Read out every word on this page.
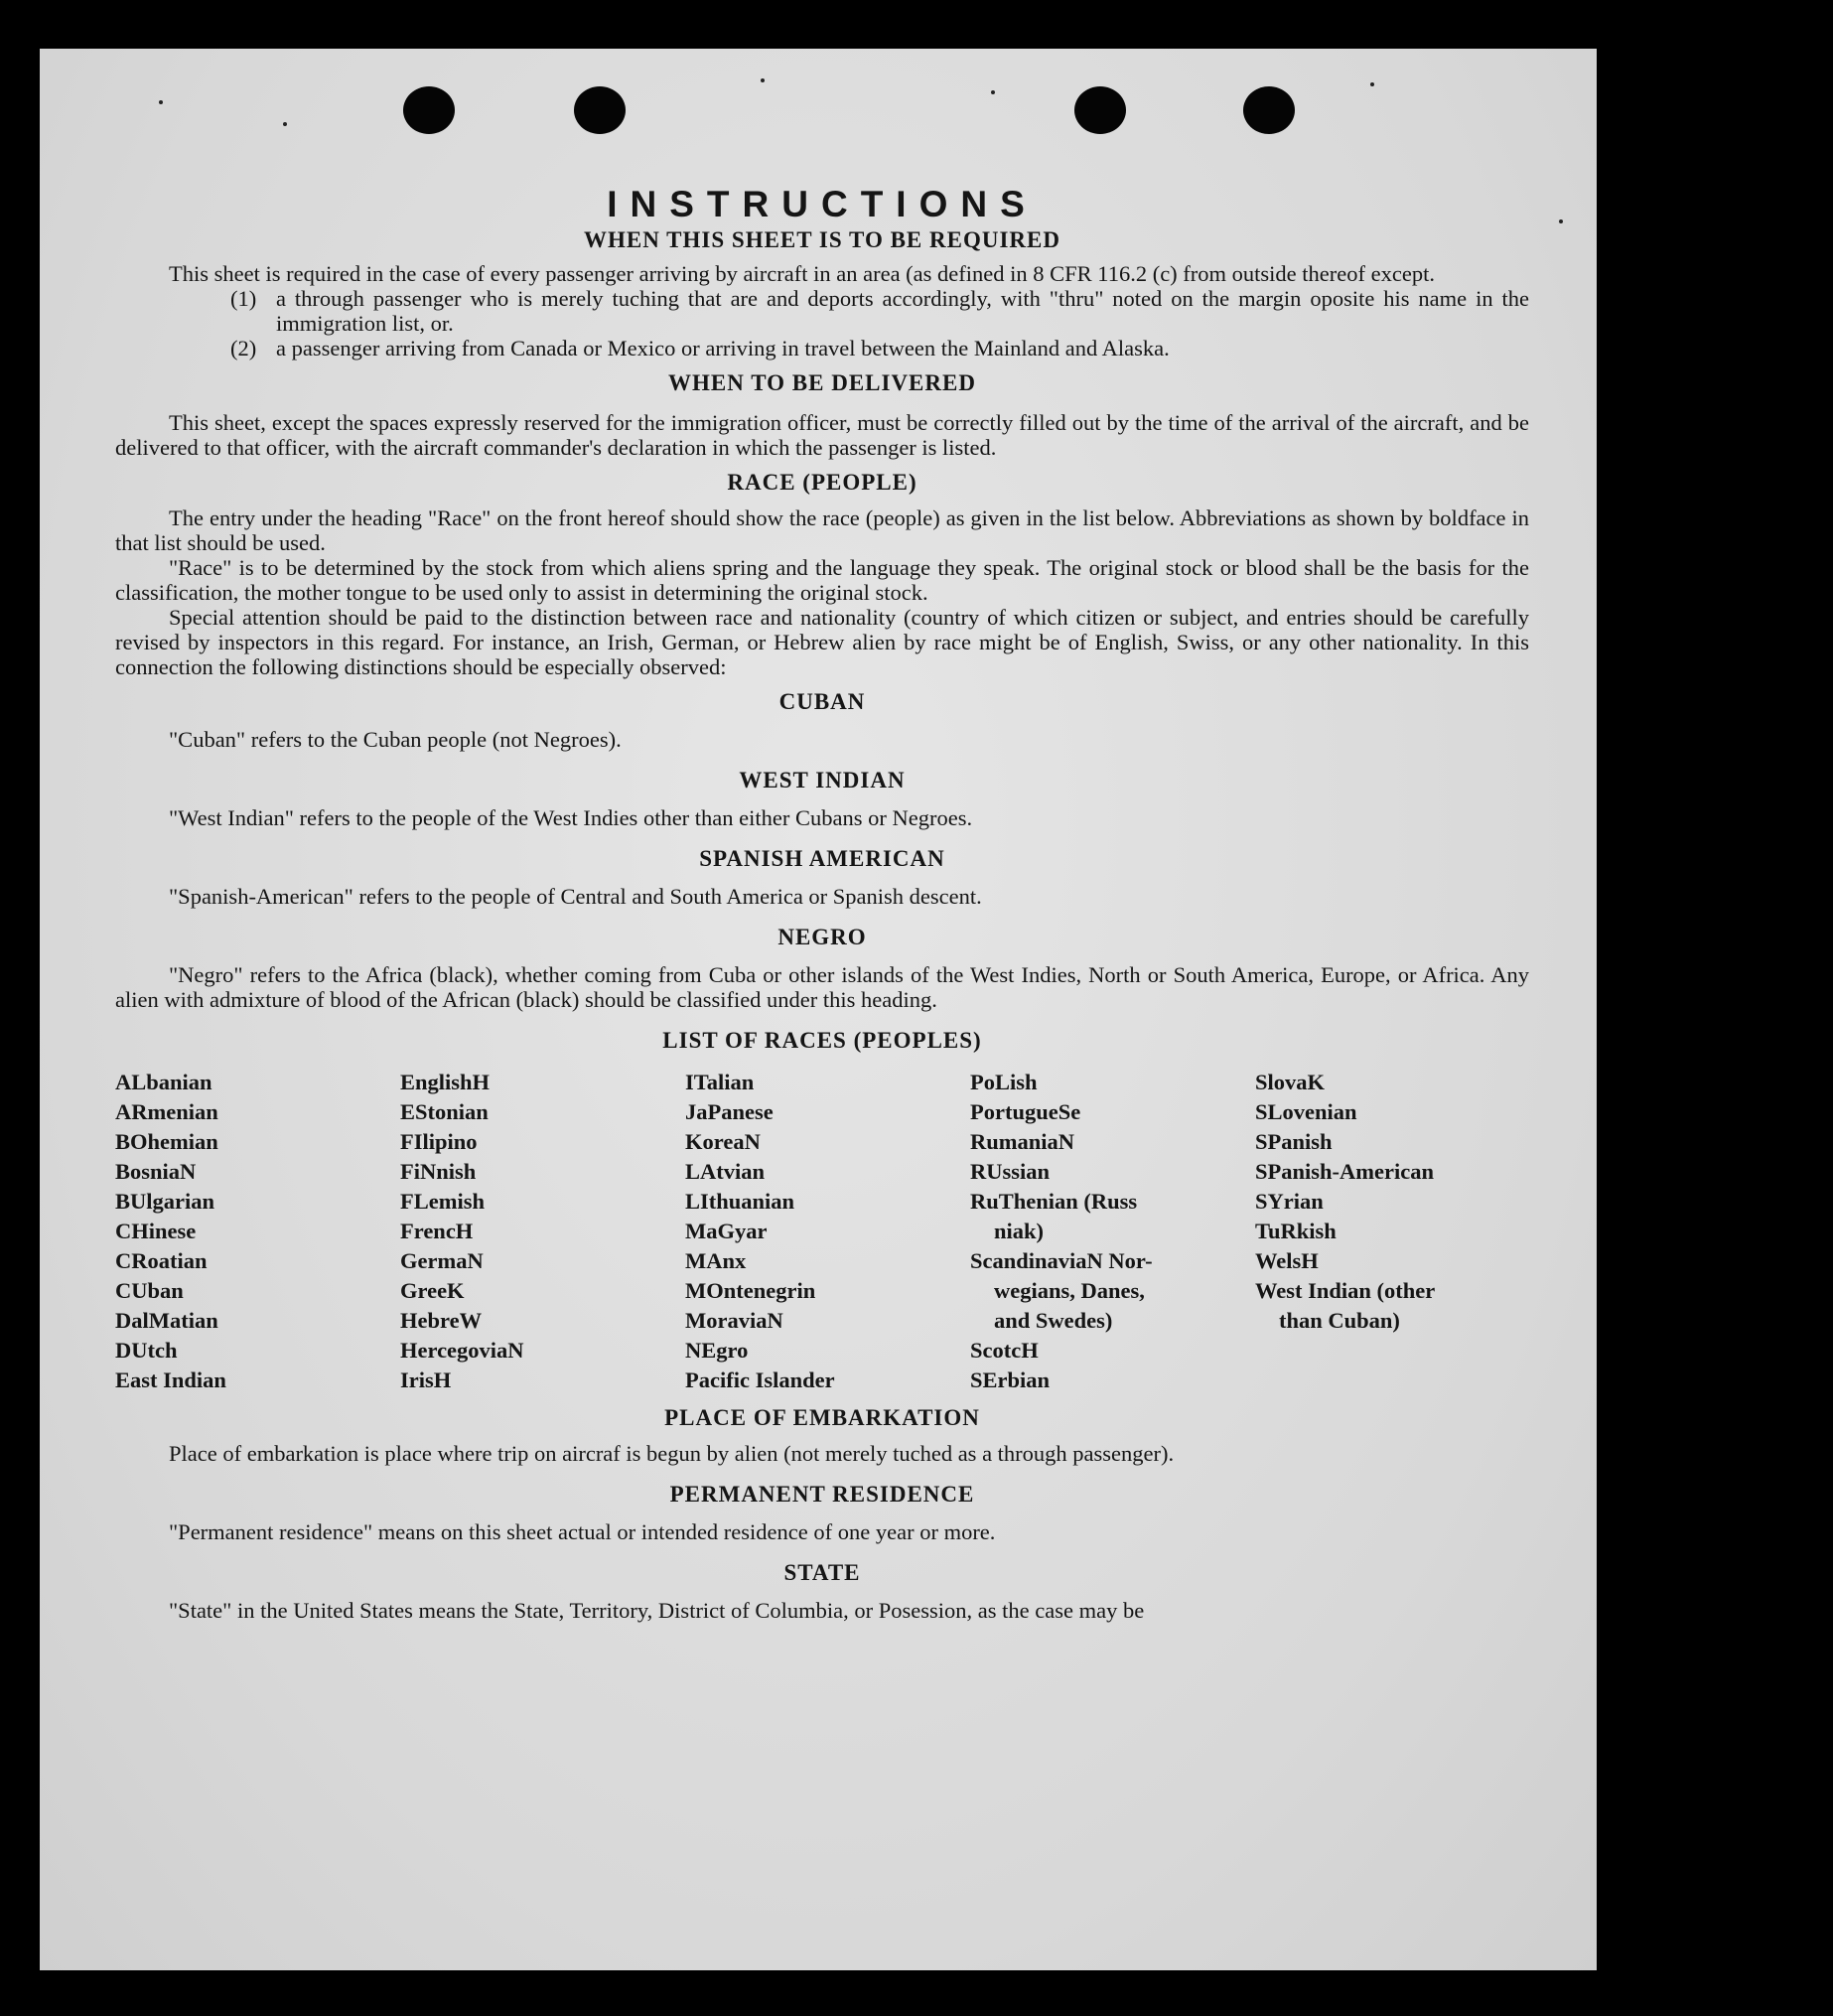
INSTRUCTIONS
WHEN THIS SHEET IS TO BE REQUIRED

This sheet is required in the case of every passenger arriving by aircraft in an area (as defined in 8 CFR 116.2 (c) from outside thereof except.

(1) a through passenger who is merely tuching that are and deports accordingly, with "thru" noted on the margin oposite his name in the immigration list, or.
(2) a passenger arriving from Canada or Mexico or arriving in travel between the Mainland and Alaska.
WHEN TO BE DELIVERED

This sheet, except the spaces expressly reserved for the immigration officer, must be correctly filled out by the time of the arrival of the aircraft, and be delivered to that officer, with the aircraft commander's declaration in which the passenger is listed.

RACE (PEOPLE)

The entry under the heading "Race" on the front hereof should show the race (people) as given in the list below. Abbreviations as shown by boldface in that list should be used.

"Race" is to be determined by the stock from which aliens spring and the language they speak. The original stock or blood shall be the basis for the classification, the mother tongue to be used only to assist in determining the original stock.

Special attention should be paid to the distinction between race and nationality (country of which citizen or subject, and entries should be carefully revised by inspectors in this regard. For instance, an Irish, German, or Hebrew alien by race might be of English, Swiss, or any other nationality. In this connection the following distinctions should be especially observed:

CUBAN

"Cuban" refers to the Cuban people (not Negroes).

WEST INDIAN

"West Indian" refers to the people of the West Indies other than either Cubans or Negroes.

SPANISH AMERICAN

"Spanish-American" refers to the people of Central and South America or Spanish descent.

NEGRO

"Negro" refers to the Africa (black), whether coming from Cuba or other islands of the West Indies, North or South America, Europe, or Africa. Any alien with admixture of blood of the African (black) should be classified under this heading.

LIST OF RACES (PEOPLES)
ALbanian
ARmenian
BOhemian
BosniaN
BUlgarian
CHinese
CRoatian
CUban
DalMatian
DUtch
East Indian
EnglishH
EStonian
FIlipino
FiNnish
FLemish
FrencH
GermaN
GreeK
HebreW
HercegoviaN
IrisH
ITalian
JaPanese
KoreaN
LAtvian
LIthuanian
MaGyar
MAnx
MOntenegrin
MoraviaN
NEgro
Pacific Islander
PoLish
PortugueSe
RumaniaN
RUssian
RuThenian (Russ
niak)
ScandinaviaN Nor-
wegians, Danes,
and Swedes)
ScotcH
SErbian
SlovaK
SLovenian
SPanish
SPanish-American
SYrian
TuRkish
WelsH
West Indian (other
than Cuban)
PLACE OF EMBARKATION

Place of embarkation is place where trip on aircraf is begun by alien (not merely tuched as a through passenger).

PERMANENT RESIDENCE

"Permanent residence" means on this sheet actual or intended residence of one year or more.

STATE

"State" in the United States means the State, Territory, District of Columbia, or Posession, as the case may be
